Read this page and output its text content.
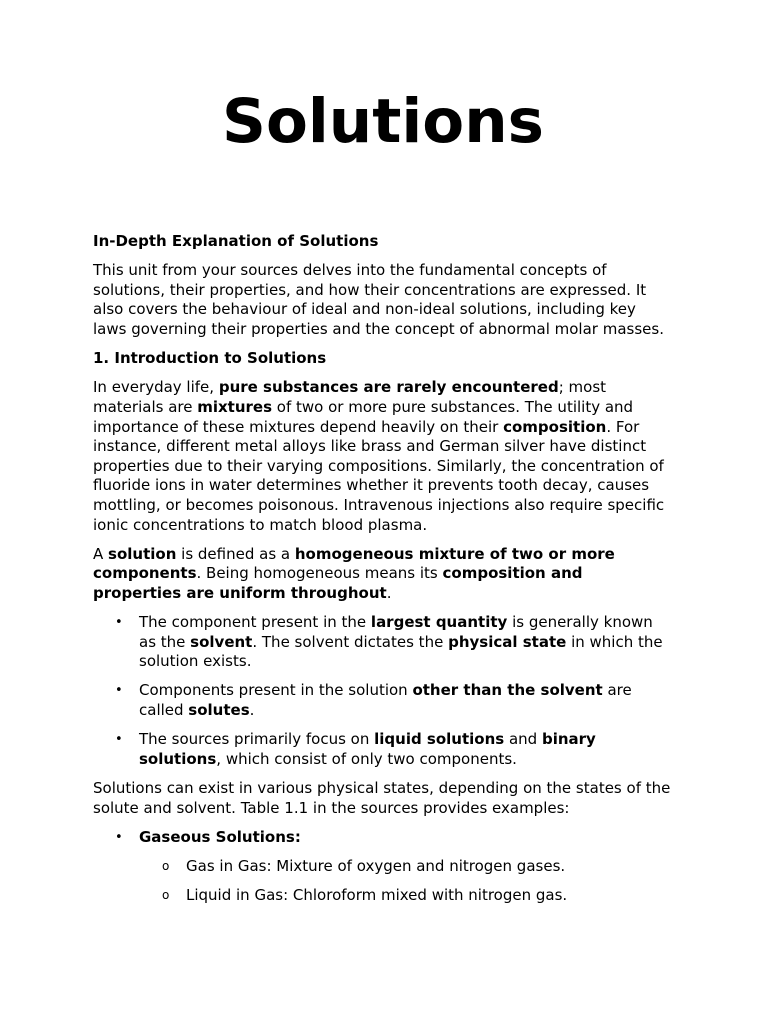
Solutions
In-Depth Explanation of Solutions

This unit from your sources delves into the fundamental concepts of solutions, their properties, and how their concentrations are expressed. It also covers the behaviour of ideal and non-ideal solutions, including key laws governing their properties and the concept of abnormal molar masses.

1. Introduction to Solutions

In everyday life, pure substances are rarely encountered; most materials are mixtures of two or more pure substances. The utility and importance of these mixtures depend heavily on their composition. For instance, different metal alloys like brass and German silver have distinct properties due to their varying compositions. Similarly, the concentration of fluoride ions in water determines whether it prevents tooth decay, causes mottling, or becomes poisonous. Intravenous injections also require specific ionic concentrations to match blood plasma.

A solution is defined as a homogeneous mixture of two or more components. Being homogeneous means its composition and properties are uniform throughout.

• The component present in the largest quantity is generally known as the solvent. The solvent dictates the physical state in which the solution exists.
• Components present in the solution other than the solvent are called solutes.
• The sources primarily focus on liquid solutions and binary solutions, which consist of only two components.

Solutions can exist in various physical states, depending on the states of the solute and solvent. Table 1.1 in the sources provides examples:

• Gaseous Solutions:
o Gas in Gas: Mixture of oxygen and nitrogen gases.
o Liquid in Gas: Chloroform mixed with nitrogen gas.
